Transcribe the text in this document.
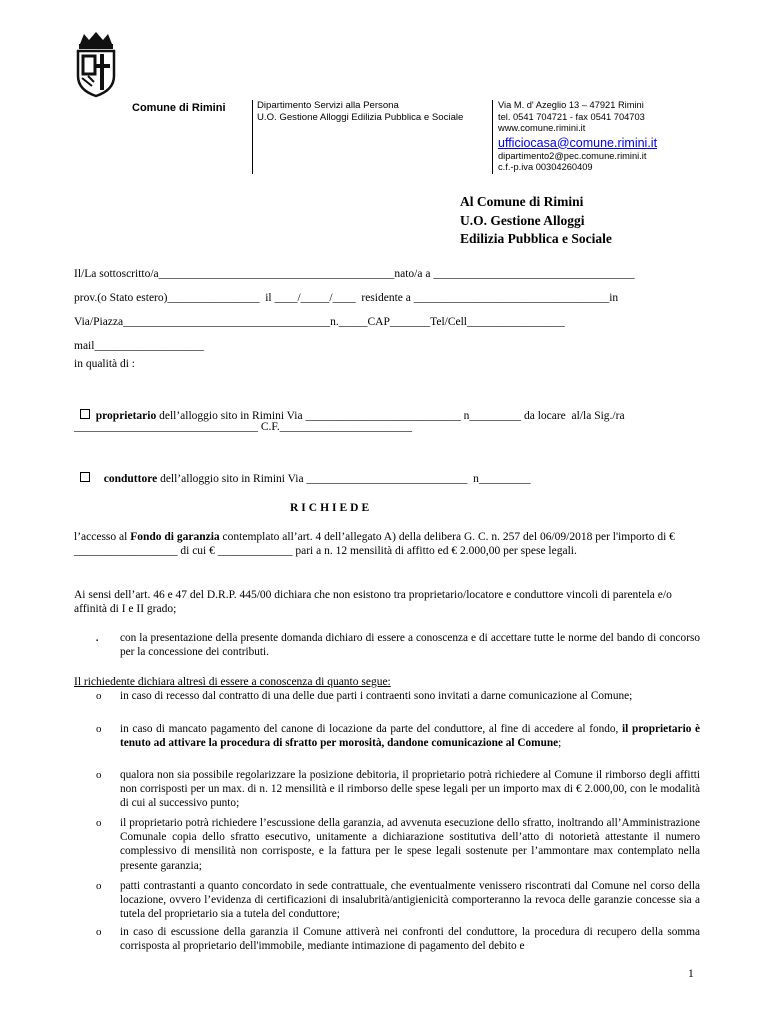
Comune di Rimini	Dipartimento Servizi alla Persona
U.O. Gestione Alloggi Edilizia Pubblica e Sociale
Via M. d' Azeglio 13 – 47921 Rimini
tel. 0541 704721 - fax 0541 704703
www.comune.rimini.it
ufficiocasa@comune.rimini.it
dipartimento2@pec.comune.rimini.it
c.f.-p.iva 00304260409
Al Comune di Rimini
U.O. Gestione Alloggi
Edilizia Pubblica e Sociale
Il/La sottoscritto/a_________________________________________nato/a a ___________________________________
prov.(o Stato estero)________________  il ____/_____/____  residente a __________________________________in
Via/Piazza____________________________________n._____CAP_______Tel/Cell_________________
mail___________________
in qualità di :

proprietario dell’alloggio sito in Rimini Via ___________________________ n_________ da locare  al/la Sig./ra

________________________________ C.F._______________________

conduttore dell’alloggio sito in Rimini Via ____________________________  n_________

RICHIEDE
l’accesso al Fondo di garanzia contemplato all’art. 4 dell’allegato A) della delibera G. C. n. 257 del 06/09/2018 per l'importo di € __________________ di cui € _____________ pari a n. 12 mensilità di affitto ed € 2.000,00 per spese legali.
Ai sensi dell’art. 46 e 47 del D.R.P. 445/00 dichiara che non esistono tra proprietario/locatore e conduttore vincoli di parentela e/o affinità di I e II grado;
▪ con la presentazione della presente domanda dichiaro di essere a conoscenza e di accettare tutte le norme del bando di concorso per la concessione dei contributi.
Il richiedente dichiara altresì di essere a conoscenza di quanto segue:
o in caso di recesso dal contratto di una delle due parti i contraenti sono invitati a darne comunicazione al Comune;
o in caso di mancato pagamento del canone di locazione da parte del conduttore, al fine di accedere al fondo, il proprietario è tenuto ad attivare la procedura di sfratto per morosità, dandone comunicazione al Comune;
o qualora non sia possibile regolarizzare la posizione debitoria, il proprietario potrà richiedere al Comune il rimborso degli affitti non corrisposti per un max. di n. 12 mensilità e il rimborso delle spese legali per un importo max di € 2.000,00, con le modalità di cui al successivo punto;
o il proprietario potrà richiedere l’escussione della garanzia, ad avvenuta esecuzione dello sfratto, inoltrando all’Amministrazione Comunale copia dello sfratto esecutivo, unitamente a dichiarazione sostitutiva dell’atto di notorietà attestante il numero complessivo di mensilità non corrisposte, e la fattura per le spese legali sostenute per l’ammontare max contemplato nella presente garanzia;
o patti contrastanti a quanto concordato in sede contrattuale, che eventualmente venissero riscontrati dal Comune nel corso della locazione, ovvero l’evidenza di certificazioni di insalubrità/antigienicità comporteranno la revoca delle garanzie concesse sia a tutela del proprietario sia a tutela del conduttore;
o in caso di escussione della garanzia il Comune attiverà nei confronti del conduttore, la procedura di recupero della somma corrisposta al proprietario dell'immobile, mediante intimazione di pagamento del debito e
1
